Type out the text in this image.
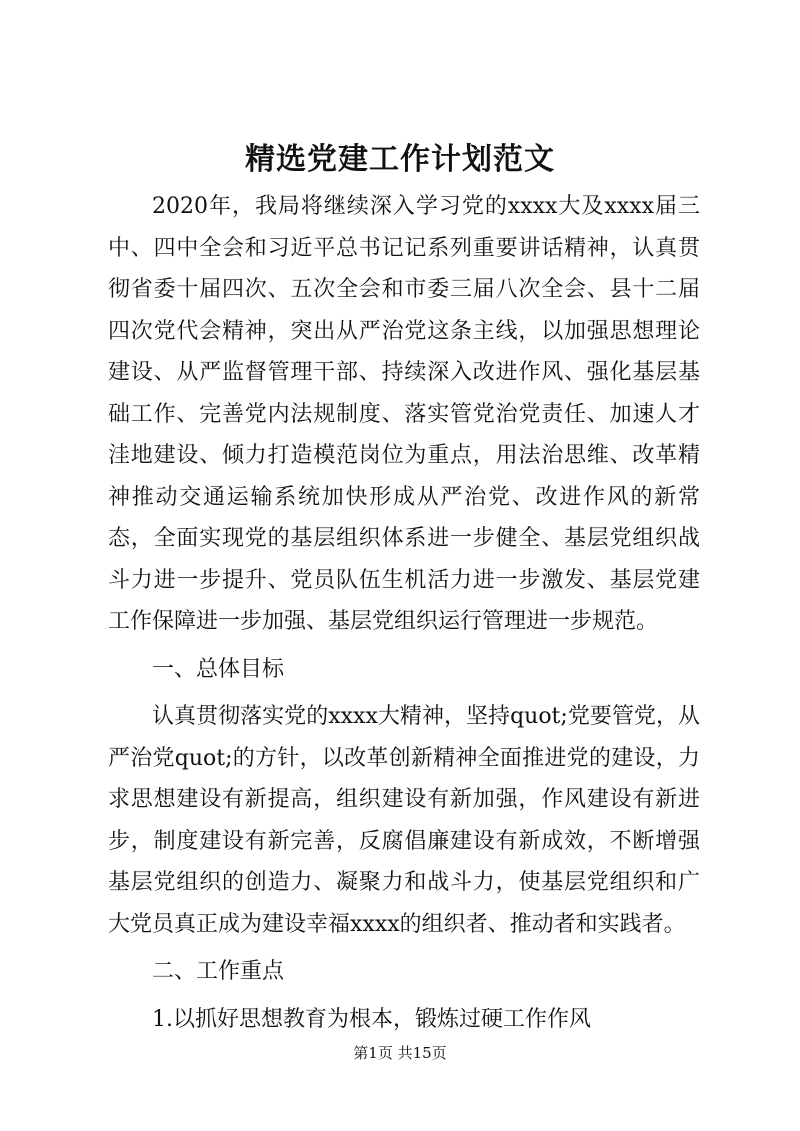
精选党建工作计划范文

2020年，我局将继续深入学习党的xxxx大及xxxx届三中、四中全会和习近平总书记记系列重要讲话精神，认真贯彻省委十届四次、五次全会和市委三届八次全会、县十二届四次党代会精神，突出从严治党这条主线，以加强思想理论建设、从严监督管理干部、持续深入改进作风、强化基层基础工作、完善党内法规制度、落实管党治党责任、加速人才洼地建设、倾力打造模范岗位为重点，用法治思维、改革精神推动交通运输系统加快形成从严治党、改进作风的新常态，全面实现党的基层组织体系进一步健全、基层党组织战斗力进一步提升、党员队伍生机活力进一步激发、基层党建工作保障进一步加强、基层党组织运行管理进一步规范。

一、总体目标

认真贯彻落实党的xxxx大精神，坚持quot;党要管党，从严治党quot;的方针，以改革创新精神全面推进党的建设，力求思想建设有新提高，组织建设有新加强，作风建设有新进步，制度建设有新完善，反腐倡廉建设有新成效，不断增强基层党组织的创造力、凝聚力和战斗力，使基层党组织和广大党员真正成为建设幸福xxxx的组织者、推动者和实践者。

二、工作重点

1.以抓好思想教育为根本，锻炼过硬工作作风

第1页 共15页
